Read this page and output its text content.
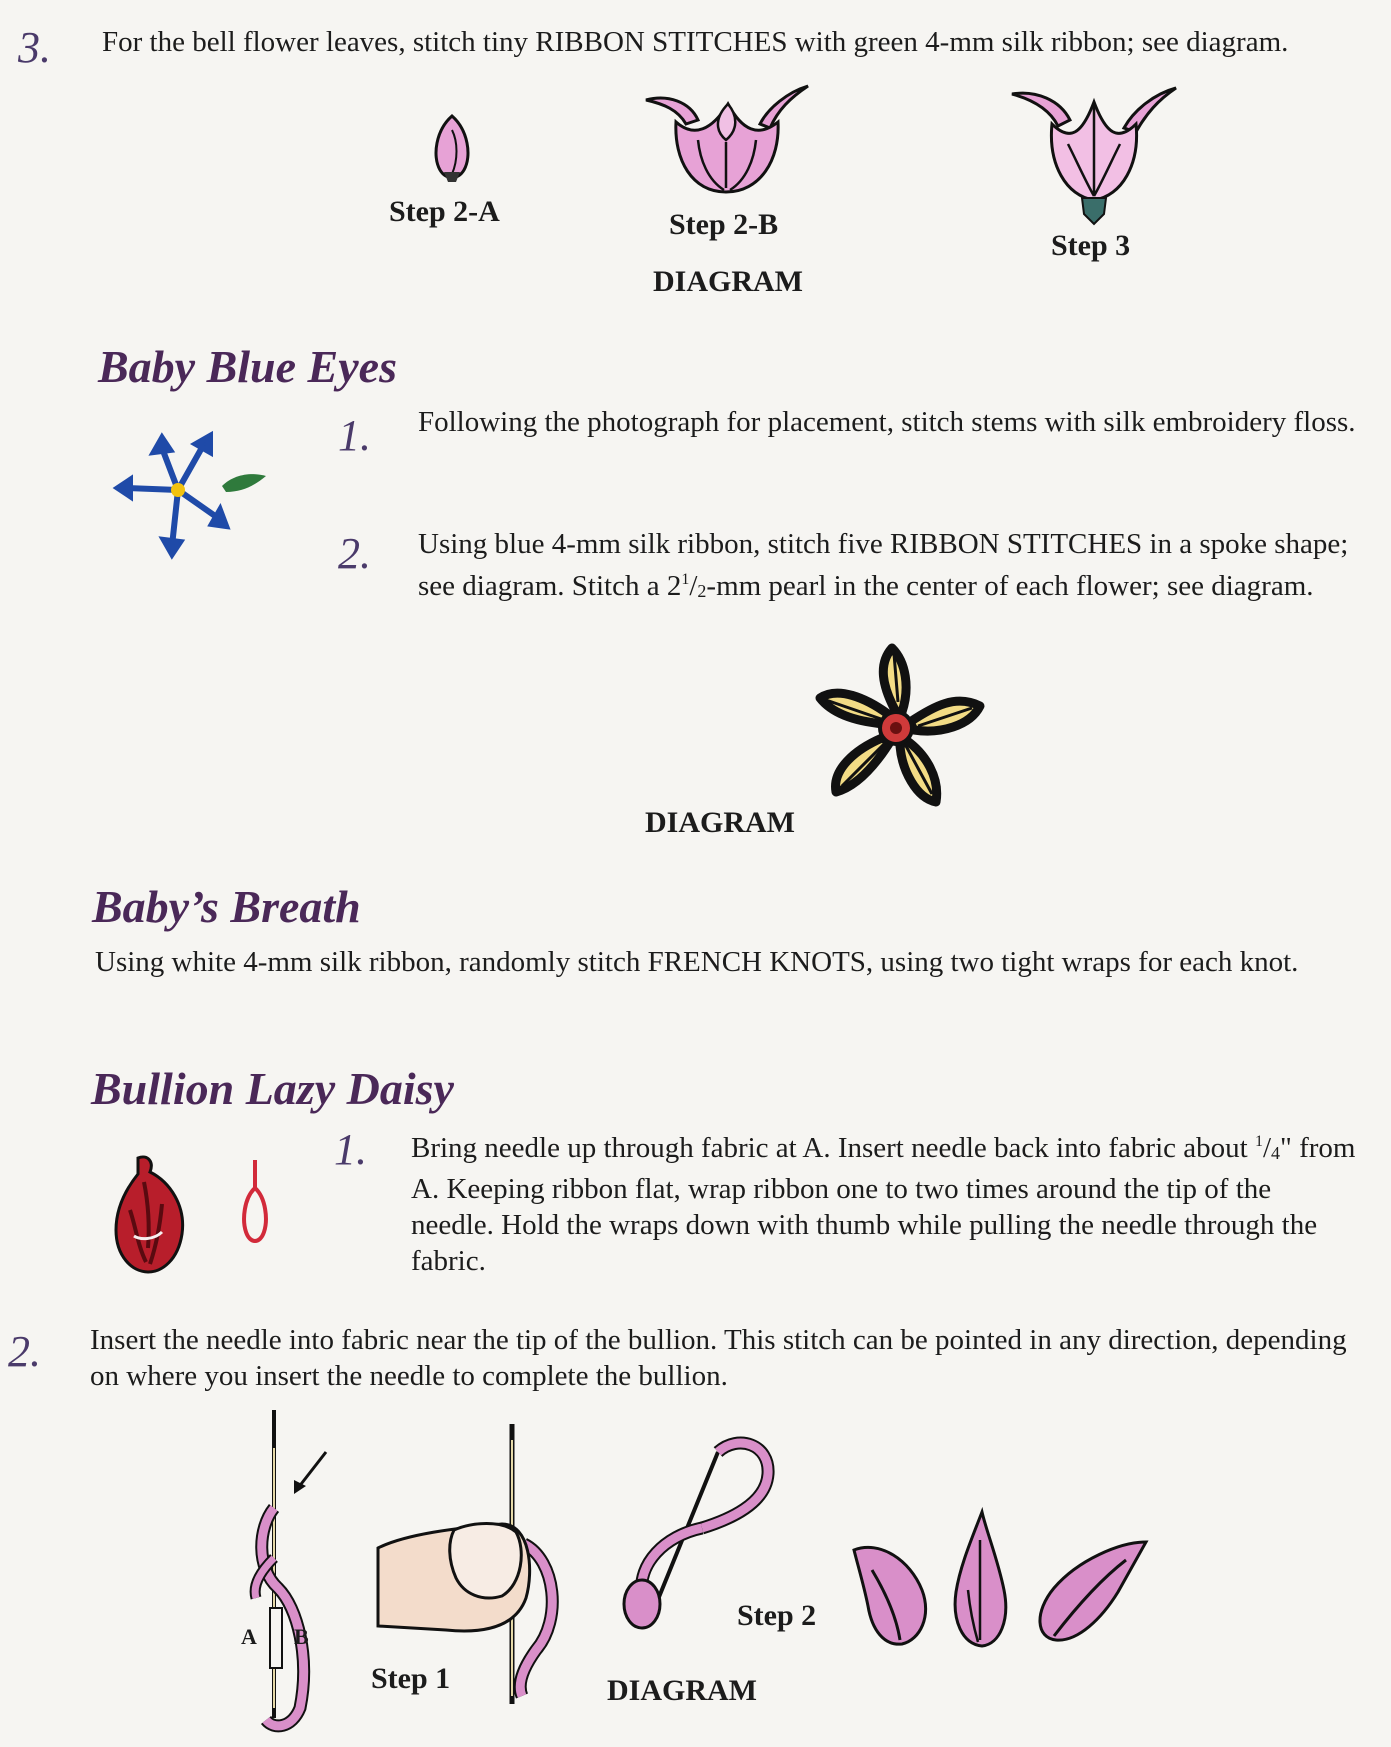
3. For the bell flower leaves, stitch tiny RIBBON STITCHES with green 4-mm silk ribbon; see diagram.
Step 2-A	Step 2-B
DIAGRAM
Step 3
Baby Blue Eyes
1. Following the photograph for placement, stitch stems with silk embroidery floss.
2. Using blue 4-mm silk ribbon, stitch five RIBBON STITCHES in a spoke shape; see diagram. Stitch a $2^1/_2-mm$ pearl in the center of each flower; see diagram.
DIAGRAM
Baby’s Breath
Using white 4-mm silk ribbon, randomly stitch FRENCH KNOTS, using two tight wraps for each knot.
Bullion Lazy Daisy
1. Bring needle up through fabric at A. Insert needle back into fabric about $^1/_4$" from A. Keeping ribbon flat, wrap ribbon one to two times around the tip of the needle. Hold the wraps down with thumb while pulling the needle through the fabric.
2. Insert the needle into fabric near the tip of the bullion. This stitch can be pointed in any direction, depending on where you insert the needle to complete the bullion.
A B
Step 1
Step 2
DIAGRAM
